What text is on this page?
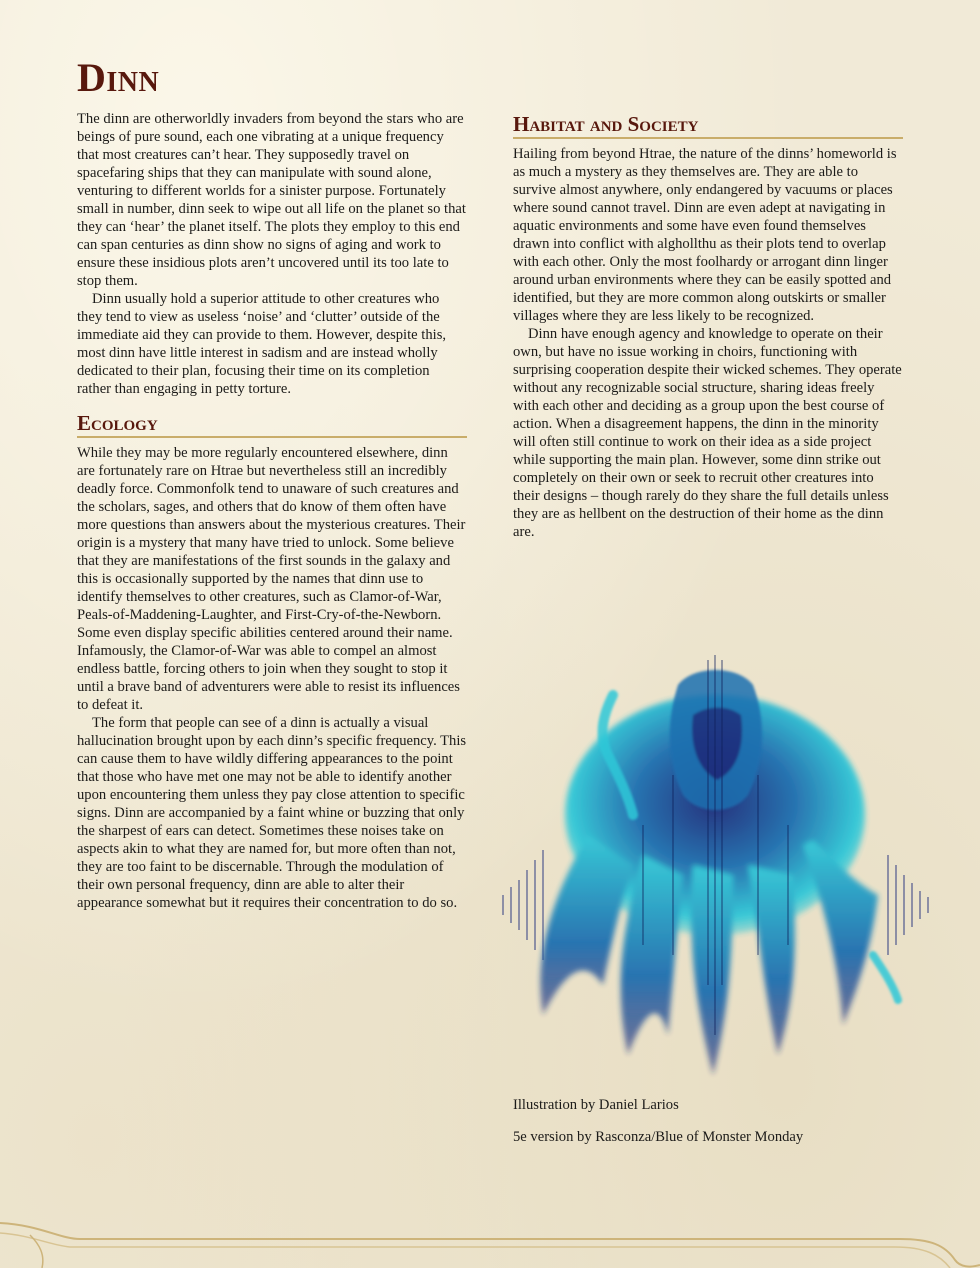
Dinn

The dinn are otherworldly invaders from beyond the stars who are beings of pure sound, each one vibrating at a unique frequency that most creatures can’t hear. They supposedly travel on spacefaring ships that they can manipulate with sound alone, venturing to different worlds for a sinister purpose. Fortunately small in number, dinn seek to wipe out all life on the planet so that they can ‘hear’ the planet itself. The plots they employ to this end can span centuries as dinn show no signs of aging and work to ensure these insidious plots aren’t uncovered until its too late to stop them.

Dinn usually hold a superior attitude to other creatures who they tend to view as useless ‘noise’ and ‘clutter’ outside of the immediate aid they can provide to them. However, despite this, most dinn have little interest in sadism and are instead wholly dedicated to their plan, focusing their time on its completion rather than engaging in petty torture.

Ecology

While they may be more regularly encountered elsewhere, dinn are fortunately rare on Htrae but nevertheless still an incredibly deadly force. Commonfolk tend to unaware of such creatures and the scholars, sages, and others that do know of them often have more questions than answers about the mysterious creatures. Their origin is a mystery that many have tried to unlock. Some believe that they are manifestations of the first sounds in the galaxy and this is occasionally supported by the names that dinn use to identify themselves to other creatures, such as Clamor-of-War, Peals-of-Maddening-Laughter, and First-Cry-of-the-Newborn. Some even display specific abilities centered around their name. Infamously, the Clamor-of-War was able to compel an almost endless battle, forcing others to join when they sought to stop it until a brave band of adventurers were able to resist its influences to defeat it.

The form that people can see of a dinn is actually a visual hallucination brought upon by each dinn’s specific frequency. This can cause them to have wildly differing appearances to the point that those who have met one may not be able to identify another upon encountering them unless they pay close attention to specific signs. Dinn are accompanied by a faint whine or buzzing that only the sharpest of ears can detect. Sometimes these noises take on aspects akin to what they are named for, but more often than not, they are too faint to be discernable. Through the modulation of their own personal frequency, dinn are able to alter their appearance somewhat but it requires their concentration to do so.

Habitat and Society

Hailing from beyond Htrae, the nature of the dinns’ homeworld is as much a mystery as they themselves are. They are able to survive almost anywhere, only endangered by vacuums or places where sound cannot travel. Dinn are even adept at navigating in aquatic environments and some have even found themselves drawn into conflict with alghollthu as their plots tend to overlap with each other. Only the most foolhardy or arrogant dinn linger around urban environments where they can be easily spotted and identified, but they are more common along outskirts or smaller villages where they are less likely to be recognized.

Dinn have enough agency and knowledge to operate on their own, but have no issue working in choirs, functioning with surprising cooperation despite their wicked schemes. They operate without any recognizable social structure, sharing ideas freely with each other and deciding as a group upon the best course of action. When a disagreement happens, the dinn in the minority will often still continue to work on their idea as a side project while supporting the main plan. However, some dinn strike out completely on their own or seek to recruit other creatures into their designs – though rarely do they share the full details unless they are as hellbent on the destruction of their home as the dinn are.

Illustration by Daniel Larios

5e version by Rasconza/Blue of Monster Monday
